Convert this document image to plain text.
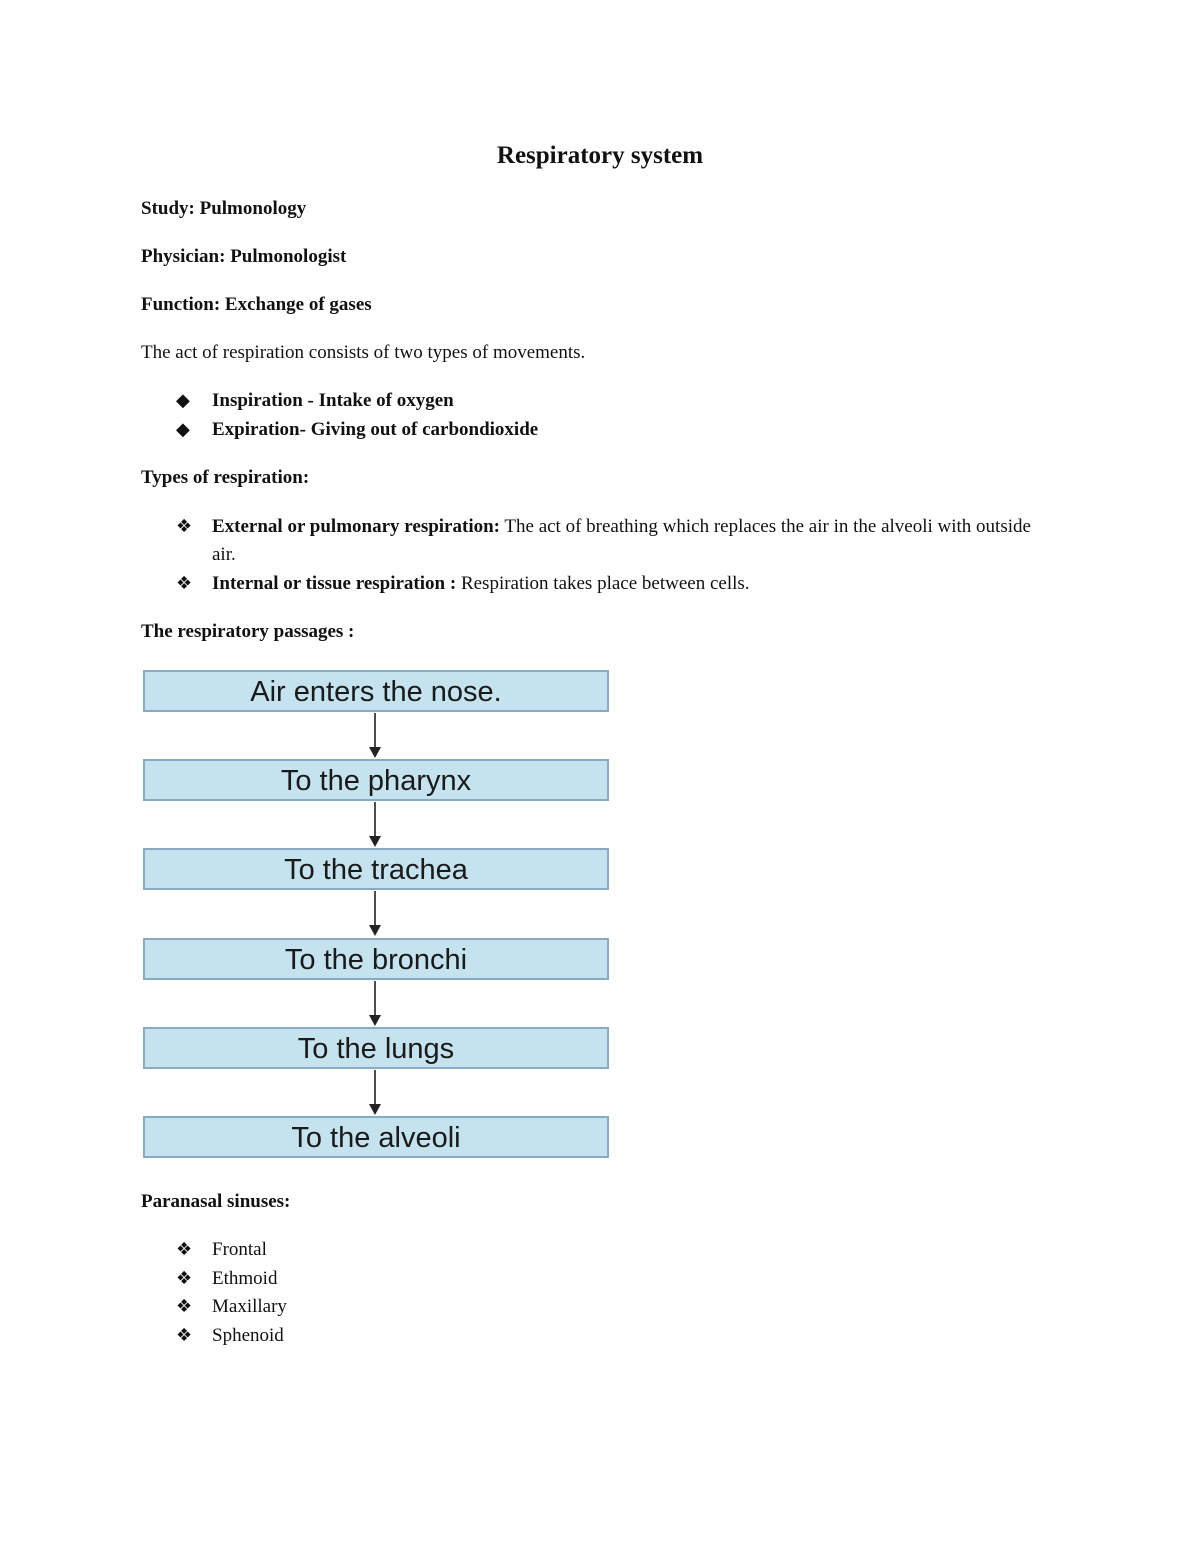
Respiratory system

Study: Pulmonology

Physician: Pulmonologist

Function: Exchange of gases

The act of respiration consists of two types of movements.

◆ Inspiration - Intake of oxygen
◆ Expiration- Giving out of carbondioxide

Types of respiration:

❖	External or pulmonary respiration: The act of breathing which replaces the air in the alveoli with outside air.
❖	Internal or tissue respiration : Respiration takes place between cells.

The respiratory passages :

Air enters the nose.
To the pharynx
To the trachea
To the bronchi
To the lungs
To the alveoli

Paranasal sinuses:

❖ Frontal
❖ Ethmoid
❖ Maxillary
❖ Sphenoid
